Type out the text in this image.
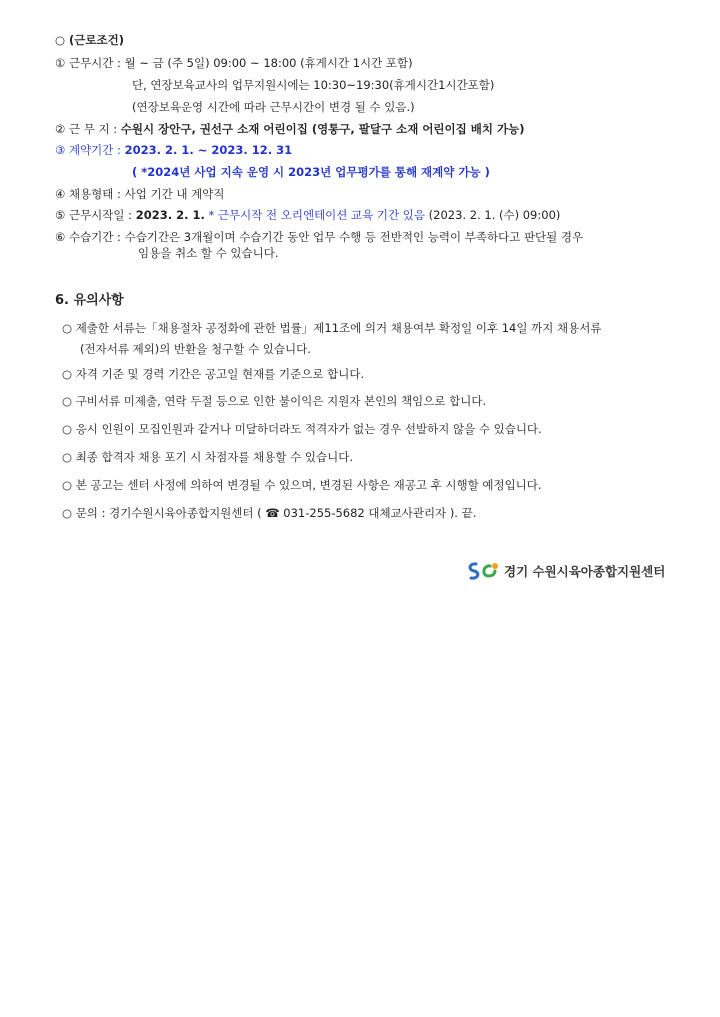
○ (근로조건)
① 근무시간 : 월 ~ 금 (주 5일) 09:00 ~ 18:00 (휴게시간 1시간 포함)
단, 연장보육교사의 업무지원시에는 10:30~19:30(휴게시간1시간포함)
(연장보육운영 시간에 따라 근무시간이 변경 될 수 있음.)
② 근 무 지 : 수원시 장안구, 권선구 소재 어린이집 (영통구, 팔달구 소재 어린이집 배치 가능)
③ 계약기간 : 2023. 2. 1. ~ 2023. 12. 31
( *2024년 사업 지속 운영 시 2023년 업무평가를 통해 재계약 가능 )
④ 채용형태 : 사업 기간 내 계약직
⑤ 근무시작일 : 2023. 2. 1. * 근무시작 전 오리엔테이션 교육 기간 있음 (2023. 2. 1. (수) 09:00)
⑥ 수습기간 : 수습기간은 3개월이며 수습기간 동안 업무 수행 등 전반적인 능력이 부족하다고 판단될 경우
임용을 취소 할 수 있습니다.
6. 유의사항
○ 제출한 서류는「채용절차 공정화에 관한 법률」제11조에 의거 채용여부 확정일 이후 14일 까지 채용서류
(전자서류 제외)의 반환을 청구할 수 있습니다.
○ 자격 기준 및 경력 기간은 공고일 현재를 기준으로 합니다.
○ 구비서류 미제출, 연락 두절 등으로 인한 불이익은 지원자 본인의 책임으로 합니다.
○ 응시 인원이 모집인원과 같거나 미달하더라도 적격자가 없는 경우 선발하지 않을 수 있습니다.
○ 최종 합격자 채용 포기 시 차점자를 채용할 수 있습니다.
○ 본 공고는 센터 사정에 의하여 변경될 수 있으며, 변경된 사항은 재공고 후 시행할 예정입니다.
○ 문의 : 경기수원시육아종합지원센터 ( ☎ 031-255-5682 대체교사관리자 ). 끝.
경기 수원시육아종합지원센터
